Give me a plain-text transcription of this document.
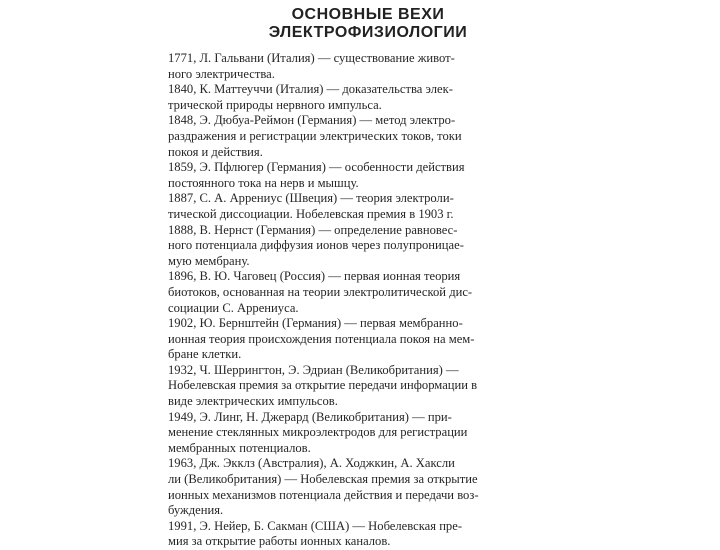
ОСНОВНЫЕ ВЕХИ
ЭЛЕКТРОФИЗИОЛОГИИ
1771, Л. Гальвани (Италия) — существование живот-
ного электричества.
1840, К. Маттеуччи (Италия) — доказательства элек-
трической природы нервного импульса.
1848, Э. Дюбуа-Реймон (Германия) — метод электро-
раздражения и регистрации электрических токов, токи
покоя и действия.
1859, Э. Пфлюгер (Германия) — особенности действия
постоянного тока на нерв и мышцу.
1887, С. А. Аррениус (Швеция) — теория электроли-
тической диссоциации. Нобелевская премия в 1903 г.
1888, В. Нернст (Германия) — определение равновес-
ного потенциала диффузия ионов через полупроницае-
мую мембрану.
1896, В. Ю. Чаговец (Россия) — первая ионная теория
биотоков, основанная на теории электролитической дис-
социации С. Аррениуса.
1902, Ю. Бернштейн (Германия) — первая мембранно-
ионная теория происхождения потенциала покоя на мем-
бране клетки.
1932, Ч. Шеррингтон, Э. Эдриан (Великобритания) —
Нобелевская премия за открытие передачи информации в
виде электрических импульсов.
1949, Э. Линг, Н. Джерард (Великобритания) — при-
менение стеклянных микроэлектродов для регистрации
мембранных потенциалов.
1963, Дж. Экклз (Австралия), А. Ходжкин, А. Хаксли
ли (Великобритания) — Нобелевская премия за открытие
ионных механизмов потенциала действия и передачи воз-
буждения.
1991, Э. Нейер, Б. Сакман (США) — Нобелевская пре-
мия за открытие работы ионных каналов.
